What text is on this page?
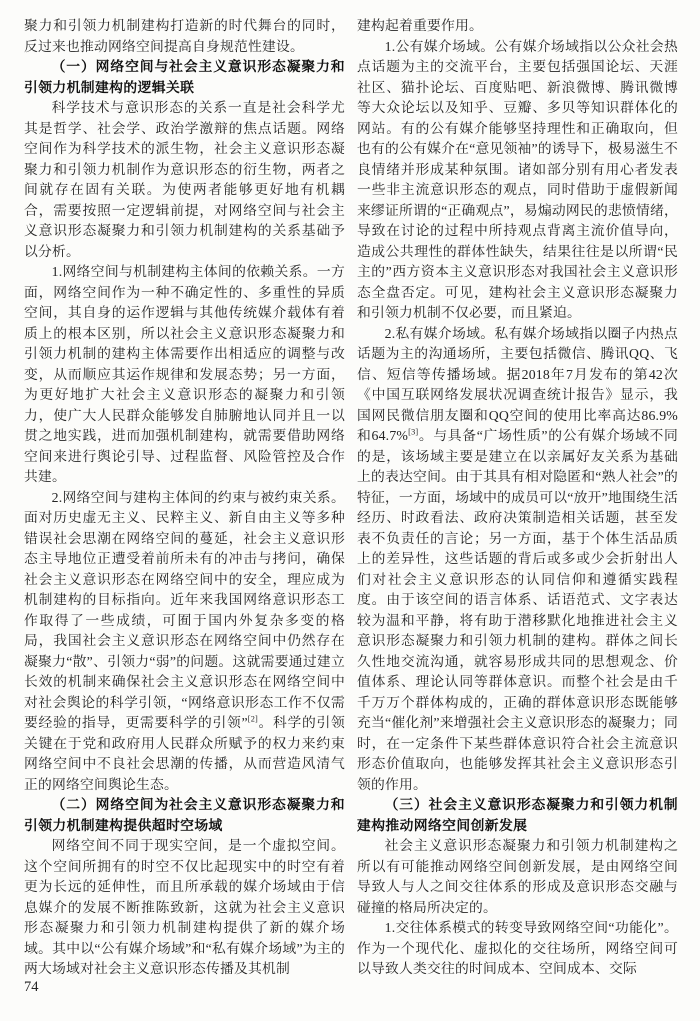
聚力和引领力机制建构打造新的时代舞台的同时，反过来也推动网络空间提高自身规范性建设。

（一）网络空间与社会主义意识形态凝聚力和引领力机制建构的逻辑关联

科学技术与意识形态的关系一直是社会科学尤其是哲学、社会学、政治学激辩的焦点话题。网络空间作为科学技术的派生物，社会主义意识形态凝聚力和引领力机制作为意识形态的衍生物，两者之间就存在固有关联。为使两者能够更好地有机耦合，需要按照一定逻辑前提，对网络空间与社会主义意识形态凝聚力和引领力机制建构的关系基础予以分析。

1.网络空间与机制建构主体间的依赖关系。一方面，网络空间作为一种不确定性的、多重性的异质空间，其自身的运作逻辑与其他传统媒介载体有着质上的根本区别，所以社会主义意识形态凝聚力和引领力机制的建构主体需要作出相适应的调整与改变，从而顺应其运作规律和发展态势；另一方面，为更好地扩大社会主义意识形态的凝聚力和引领力，使广大人民群众能够发自肺腑地认同并且一以贯之地实践，进而加强机制建构，就需要借助网络空间来进行舆论引导、过程监督、风险管控及合作共建。

2.网络空间与建构主体间的约束与被约束关系。面对历史虚无主义、民粹主义、新自由主义等多种错误社会思潮在网络空间的蔓延，社会主义意识形态主导地位正遭受着前所未有的冲击与拷问，确保社会主义意识形态在网络空间中的安全，理应成为机制建构的目标指向。近年来我国网络意识形态工作取得了一些成绩，可囿于国内外复杂多变的格局，我国社会主义意识形态在网络空间中仍然存在凝聚力“散”、引领力“弱”的问题。这就需要通过建立长效的机制来确保社会主义意识形态在网络空间中对社会舆论的科学引领，“网络意识形态工作不仅需要经验的指导，更需要科学的引领”[2]。科学的引领关键在于党和政府用人民群众所赋予的权力来约束网络空间中不良社会思潮的传播，从而营造风清气正的网络空间舆论生态。

（二）网络空间为社会主义意识形态凝聚力和引领力机制建构提供超时空场域

网络空间不同于现实空间，是一个虚拟空间。这个空间所拥有的时空不仅比起现实中的时空有着更为长远的延伸性，而且所承载的媒介场域由于信息媒介的发展不断推陈致新，这就为社会主义意识形态凝聚力和引领力机制建构提供了新的媒介场域。其中以“公有媒介场域”和“私有媒介场域”为主的两大场域对社会主义意识形态传播及其机制

建构起着重要作用。

1.公有媒介场域。公有媒介场域指以公众社会热点话题为主的交流平台，主要包括强国论坛、天涯社区、猫扑论坛、百度贴吧、新浪微博、腾讯微博等大众论坛以及知乎、豆瓣、多贝等知识群体化的网站。有的公有媒介能够坚持理性和正确取向，但也有的公有媒介在“意见领袖”的诱导下，极易滋生不良情绪并形成某种氛围。诸如部分别有用心者发表一些非主流意识形态的观点，同时借助于虚假新闻来缪证所谓的“正确观点”，易煽动网民的悲愤情绪，导致在讨论的过程中所持观点背离主流价值导向，造成公共理性的群体性缺失，结果往往是以所谓“民主的”西方资本主义意识形态对我国社会主义意识形态全盘否定。可见，建构社会主义意识形态凝聚力和引领力机制不仅必要，而且紧迫。

2.私有媒介场域。私有媒介场域指以圈子内热点话题为主的沟通场所，主要包括微信、腾讯QQ、飞信、短信等传播场域。据2018年7月发布的第42次《中国互联网络发展状况调查统计报告》显示，我国网民微信朋友圈和QQ空间的使用比率高达86.9%和64.7%[3]。与具备“广场性质”的公有媒介场域不同的是，该场域主要是建立在以亲属好友关系为基础上的表达空间。由于其具有相对隐匿和“熟人社会”的特征，一方面，场域中的成员可以“放开”地围绕生活经历、时政看法、政府决策制造相关话题，甚至发表不负责任的言论；另一方面，基于个体生活品质上的差异性，这些话题的背后或多或少会折射出人们对社会主义意识形态的认同信仰和遵循实践程度。由于该空间的语言体系、话语范式、文字表达较为温和平静，将有助于潜移默化地推进社会主义意识形态凝聚力和引领力机制的建构。群体之间长久性地交流沟通，就容易形成共同的思想观念、价值体系、理论认同等群体意识。而整个社会是由千千万万个群体构成的，正确的群体意识形态既能够充当“催化剂”来增强社会主义意识形态的凝聚力；同时，在一定条件下某些群体意识符合社会主流意识形态价值取向，也能够发挥其社会主义意识形态引领的作用。

（三）社会主义意识形态凝聚力和引领力机制建构推动网络空间创新发展

社会主义意识形态凝聚力和引领力机制建构之所以有可能推动网络空间创新发展，是由网络空间导致人与人之间交往体系的形成及意识形态交融与碰撞的格局所决定的。

1.交往体系模式的转变导致网络空间“功能化”。作为一个现代化、虚拟化的交往场所，网络空间可以导致人类交往的时间成本、空间成本、交际

74
